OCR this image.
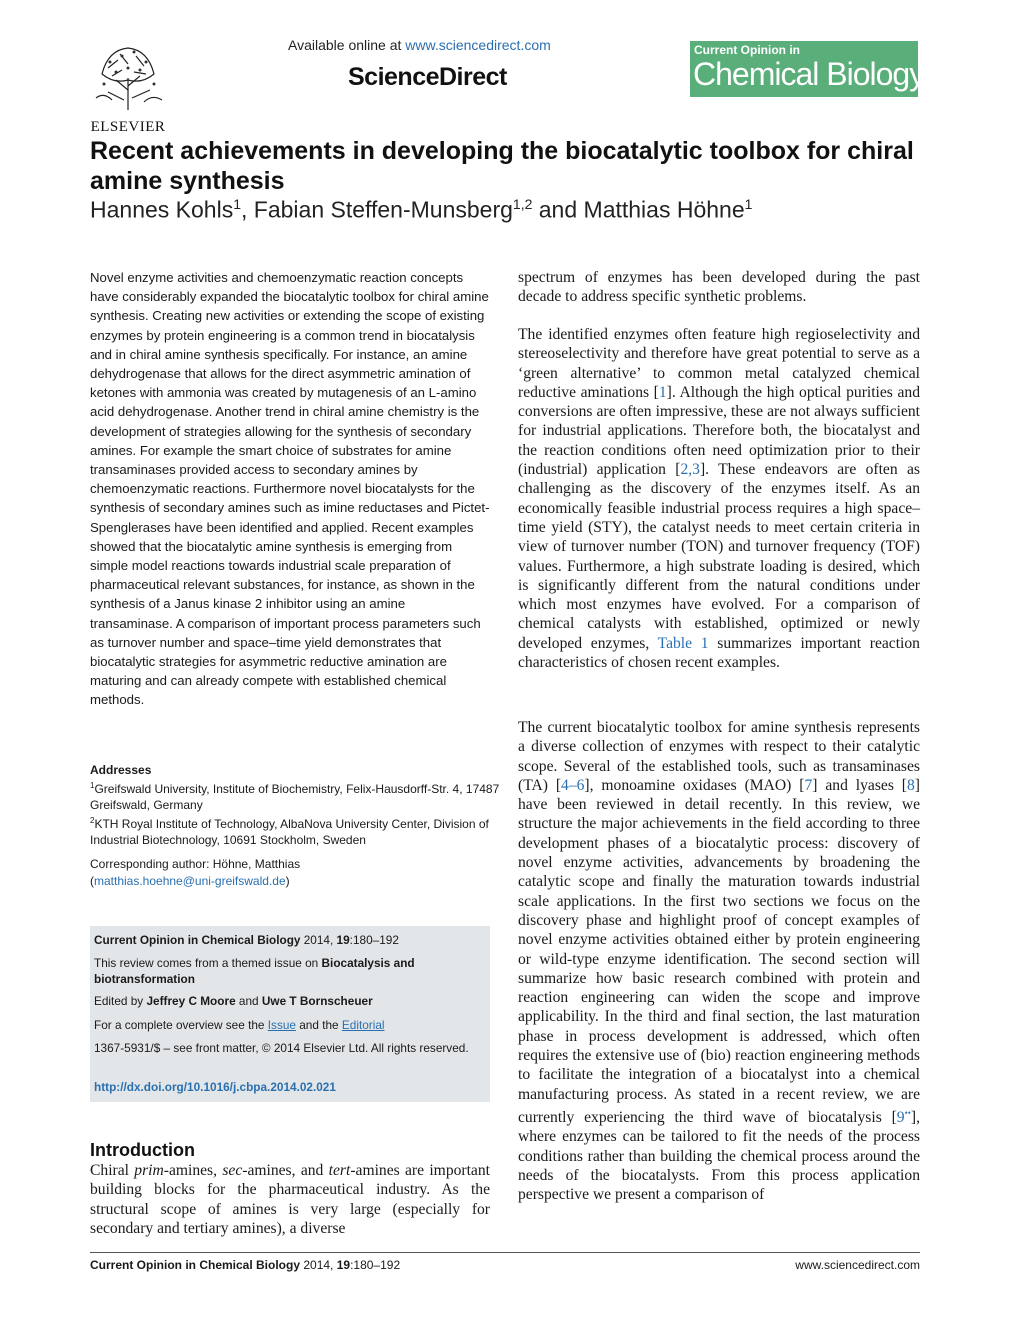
ELSEVIER
Available online at www.sciencedirect.com
ScienceDirect
Current Opinion in
Chemical Biology
Recent achievements in developing the biocatalytic toolbox for chiral amine synthesis
Hannes Kohls$^1$, Fabian Steffen-Munsberg$^{1,2}$ and Matthias Höhne$^1$
Novel enzyme activities and chemoenzymatic reaction concepts have considerably expanded the biocatalytic toolbox for chiral amine synthesis. Creating new activities or extending the scope of existing enzymes by protein engineering is a common trend in biocatalysis and in chiral amine synthesis specifically. For instance, an amine dehydrogenase that allows for the direct asymmetric amination of ketones with ammonia was created by mutagenesis of an L-amino acid dehydrogenase. Another trend in chiral amine chemistry is the development of strategies allowing for the synthesis of secondary amines. For example the smart choice of substrates for amine transaminases provided access to secondary amines by chemoenzymatic reactions. Furthermore novel biocatalysts for the synthesis of secondary amines such as imine reductases and Pictet-Spenglerases have been identified and applied. Recent examples showed that the biocatalytic amine synthesis is emerging from simple model reactions towards industrial scale preparation of pharmaceutical relevant substances, for instance, as shown in the synthesis of a Janus kinase 2 inhibitor using an amine transaminase. A comparison of important process parameters such as turnover number and space–time yield demonstrates that biocatalytic strategies for asymmetric reductive amination are maturing and can already compete with established chemical methods.
Addresses
$^1$Greifswald University, Institute of Biochemistry, Felix-Hausdorff-Str. 4, 17487 Greifswald, Germany
$^2$KTH Royal Institute of Technology, AlbaNova University Center, Division of Industrial Biotechnology, 10691 Stockholm, Sweden
Corresponding author: Höhne, Matthias
(matthias.hoehne@uni-greifswald.de)
Current Opinion in Chemical Biology 2014, 19:180–192
This review comes from a themed issue on Biocatalysis and biotransformation
Edited by Jeffrey C Moore and Uwe T Bornscheuer
For a complete overview see the Issue and the Editorial
1367-5931/$ – see front matter, © 2014 Elsevier Ltd. All rights reserved.
http://dx.doi.org/10.1016/j.cbpa.2014.02.021
Introduction
Chiral prim-amines, sec-amines, and tert-amines are important building blocks for the pharmaceutical industry. As the structural scope of amines is very large (especially for secondary and tertiary amines), a diverse
spectrum of enzymes has been developed during the past decade to address specific synthetic problems.
The identified enzymes often feature high regioselectivity and stereoselectivity and therefore have great potential to serve as a ‘green alternative’ to common metal catalyzed chemical reductive aminations [1]. Although the high optical purities and conversions are often impressive, these are not always sufficient for industrial applications. Therefore both, the biocatalyst and the reaction conditions often need optimization prior to their (industrial) application [2,3]. These endeavors are often as challenging as the discovery of the enzymes itself. As an economically feasible industrial process requires a high space–time yield (STY), the catalyst needs to meet certain criteria in view of turnover number (TON) and turnover frequency (TOF) values. Furthermore, a high substrate loading is desired, which is significantly different from the natural conditions under which most enzymes have evolved. For a comparison of chemical catalysts with established, optimized or newly developed enzymes, Table 1 summarizes important reaction characteristics of chosen recent examples.
The current biocatalytic toolbox for amine synthesis represents a diverse collection of enzymes with respect to their catalytic scope. Several of the established tools, such as transaminases (TA) [4–6], monoamine oxidases (MAO) [7] and lyases [8] have been reviewed in detail recently. In this review, we structure the major achievements in the field according to three development phases of a biocatalytic process: discovery of novel enzyme activities, advancements by broadening the catalytic scope and finally the maturation towards industrial scale applications. In the first two sections we focus on the discovery phase and highlight proof of concept examples of novel enzyme activities obtained either by protein engineering or wild-type enzyme identification. The second section will summarize how basic research combined with protein and reaction engineering can widen the scope and improve applicability. In the third and final section, the last maturation phase in process development is addressed, which often requires the extensive use of (bio) reaction engineering methods to facilitate the integration of a biocatalyst into a chemical manufacturing process. As stated in a recent review, we are currently experiencing the third wave of biocatalysis [9••], where enzymes can be tailored to fit the needs of the process conditions rather than building the chemical process around the needs of the biocatalysts. From this process application perspective we present a comparison of
Current Opinion in Chemical Biology 2014, 19:180–192	www.sciencedirect.com
